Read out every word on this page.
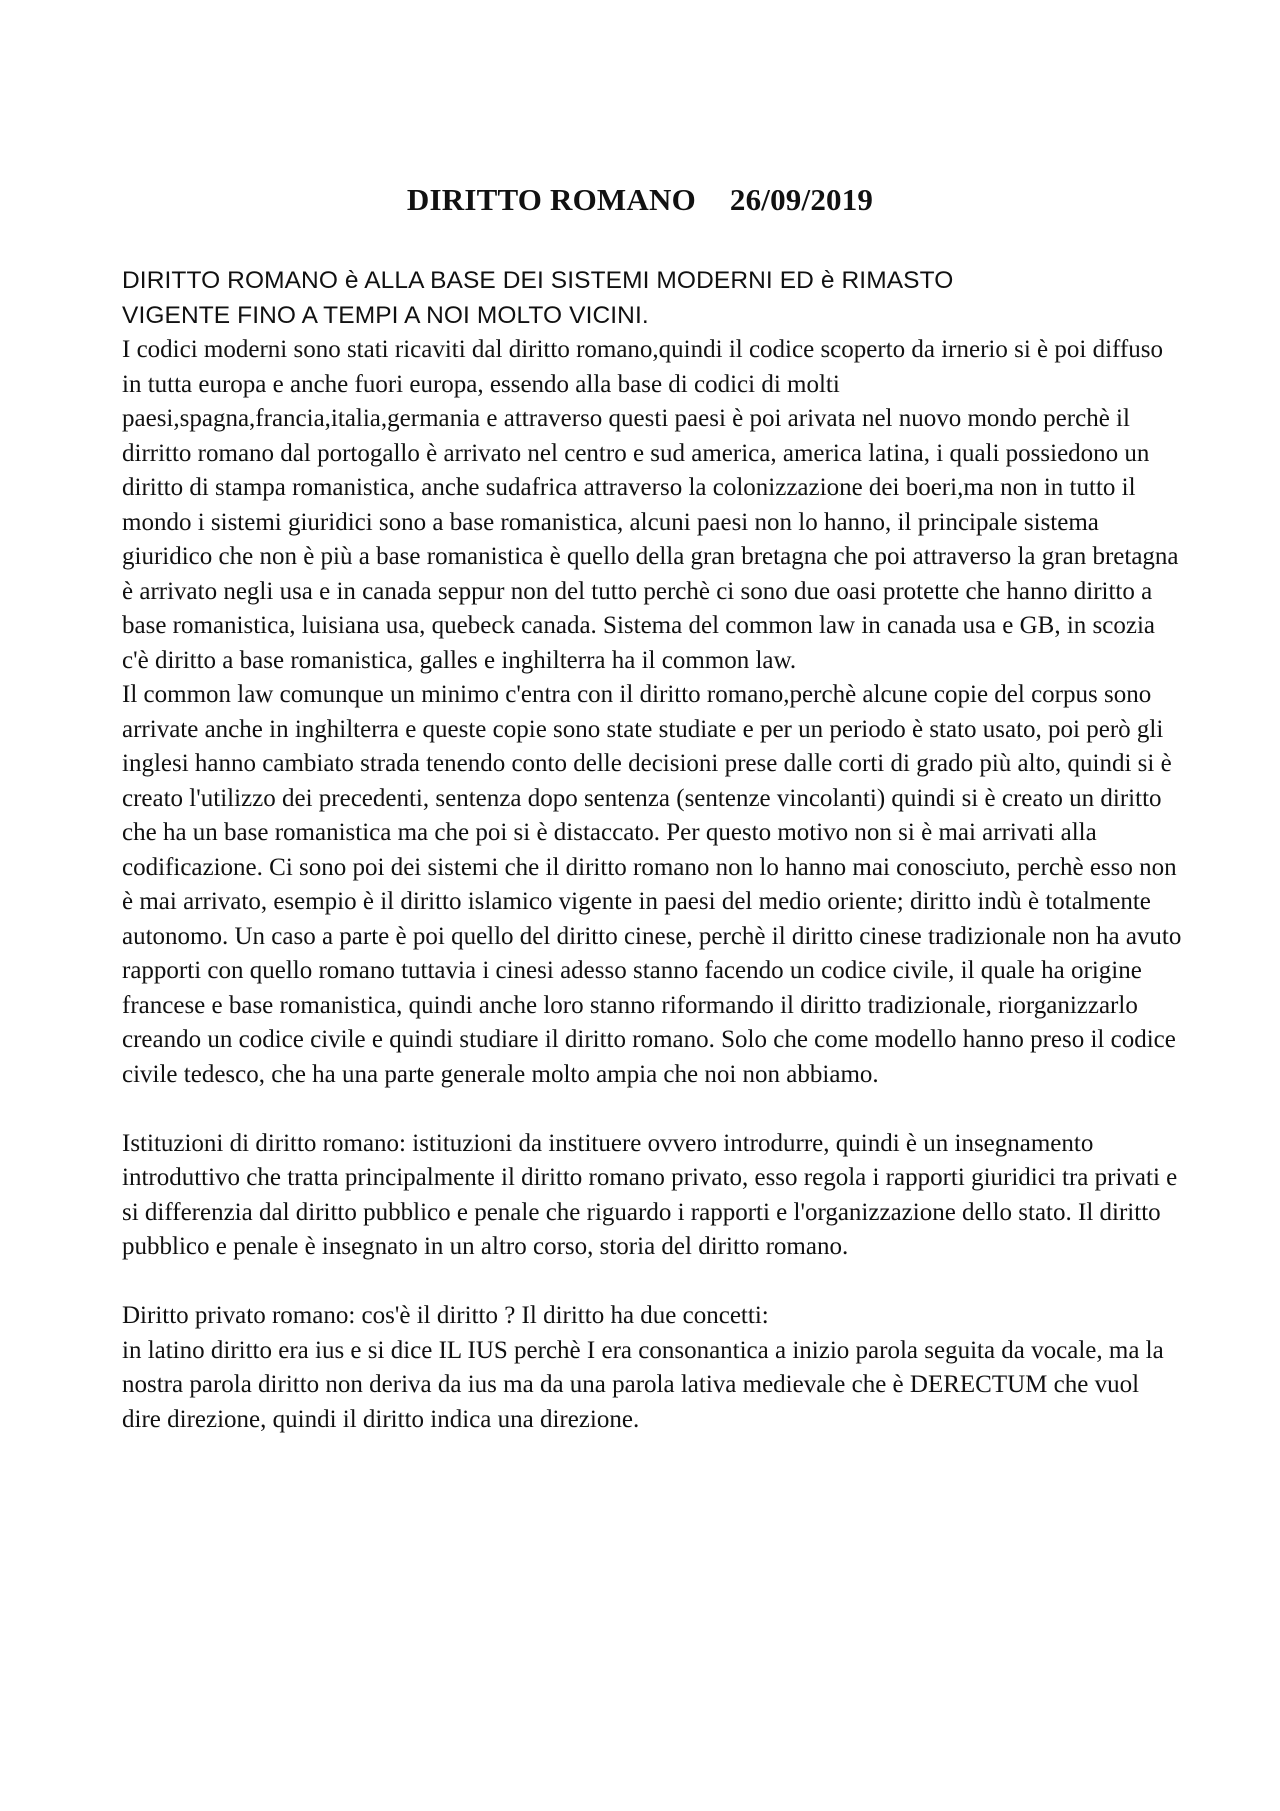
DIRITTO ROMANO 26/09/2019
DIRITTO ROMANO è ALLA BASE DEI SISTEMI MODERNI ED è RIMASTO
VIGENTE FINO A TEMPI A NOI MOLTO VICINI.

I codici moderni sono stati ricaviti dal diritto romano,quindi il codice scoperto da irnerio si è poi diffuso in tutta europa e anche fuori europa, essendo alla base di codici di molti paesi,spagna,francia,italia,germania e attraverso questi paesi è poi arivata nel nuovo mondo perchè il dirritto romano dal portogallo è arrivato nel centro e sud america, america latina, i quali possiedono un diritto di stampa romanistica, anche sudafrica attraverso la colonizzazione dei boeri,ma non in tutto il mondo i sistemi giuridici sono a base romanistica, alcuni paesi non lo hanno, il principale sistema giuridico che non è più a base romanistica è quello della gran bretagna che poi attraverso la gran bretagna è arrivato negli usa e in canada seppur non del tutto perchè ci sono due oasi protette che hanno diritto a base romanistica, luisiana usa, quebeck canada. Sistema del common law in canada usa e GB, in scozia c'è diritto a base romanistica, galles e inghilterra ha il common law.

Il common law comunque un minimo c'entra con il diritto romano,perchè alcune copie del corpus sono arrivate anche in inghilterra e queste copie sono state studiate e per un periodo è stato usato, poi però gli inglesi hanno cambiato strada tenendo conto delle decisioni prese dalle corti di grado più alto, quindi si è creato l'utilizzo dei precedenti, sentenza dopo sentenza (sentenze vincolanti) quindi si è creato un diritto che ha un base romanistica ma che poi si è distaccato. Per questo motivo non si è mai arrivati alla codificazione. Ci sono poi dei sistemi che il diritto romano non lo hanno mai conosciuto, perchè esso non è mai arrivato, esempio è il diritto islamico vigente in paesi del medio oriente; diritto indù è totalmente autonomo. Un caso a parte è poi quello del diritto cinese, perchè il diritto cinese tradizionale non ha avuto rapporti con quello romano tuttavia i cinesi adesso stanno facendo un codice civile, il quale ha origine francese e base romanistica, quindi anche loro stanno riformando il diritto tradizionale, riorganizzarlo creando un codice civile e quindi studiare il diritto romano. Solo che come modello hanno preso il codice civile tedesco, che ha una parte generale molto ampia che noi non abbiamo.

Istituzioni di diritto romano: istituzioni da instituere ovvero introdurre, quindi è un insegnamento introduttivo che tratta principalmente il diritto romano privato, esso regola i rapporti giuridici tra privati e si differenzia dal diritto pubblico e penale che riguardo i rapporti e l'organizzazione dello stato. Il diritto pubblico e penale è insegnato in un altro corso, storia del diritto romano.

Diritto privato romano: cos'è il diritto ? Il diritto ha due concetti:

in latino diritto era ius e si dice IL IUS perchè I era consonantica a inizio parola seguita da vocale, ma la nostra parola diritto non deriva da ius ma da una parola lativa medievale che è DERECTUM che vuol dire direzione, quindi il diritto indica una direzione.
